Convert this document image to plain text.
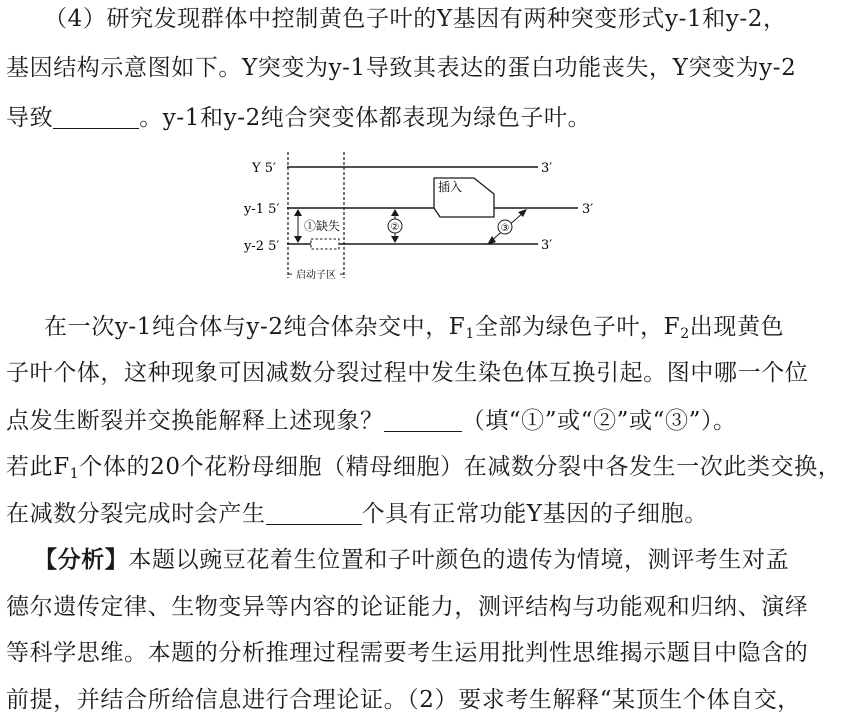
（4）研究发现群体中控制黄色子叶的Y基因有两种突变形式y-1和y-2，
基因结构示意图如下。Y突变为y-1导致其表达的蛋白功能丧失，Y突变为y-2
导致	。y-1和y-2纯合突变体都表现为绿色子叶。
Y 5′
y-1 5′
y-2 5′
3′
3′
3′
插入
①缺失	②	③
启动子区
在一次y-1纯合体与y-2纯合体杂交中，$F_1$全部为绿色子叶，$F_2$出现黄色
子叶个体，这种现象可因减数分裂过程中发生染色体互换引起。图中哪一个位
点发生断裂并交换能解释上述现象？	（填“①”或“②”或“③”）。
若此$F_1$个体的20个花粉母细胞（精母细胞）在减数分裂中各发生一次此类交换，
在减数分裂完成时会产生	个具有正常功能Y基因的子细胞。
【分析】本题以豌豆花着生位置和子叶颜色的遗传为情境，测评考生对孟
德尔遗传定律、生物变异等内容的论证能力，测评结构与功能观和归纳、演绎
等科学思维。本题的分析推理过程需要考生运用批判性思维揭示题目中隐含的
前提，并结合所给信息进行合理论证。（2）要求考生解释“某顶生个体自交，
